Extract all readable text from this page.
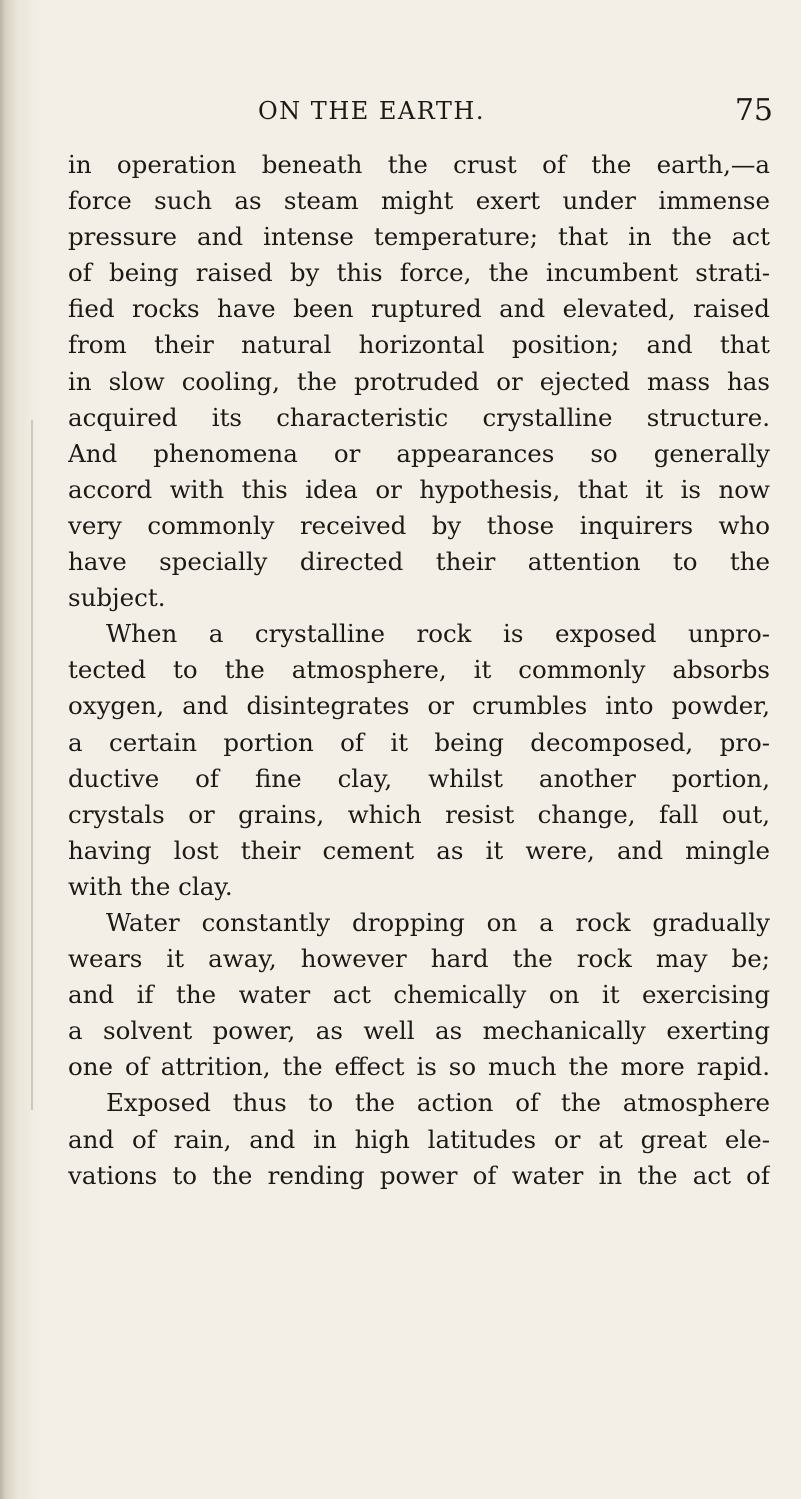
ON THE EARTH.	75
in operation beneath the crust of the earth,—a
force such as steam might exert under immense
pressure and intense temperature; that in the act
of being raised by this force, the incumbent strati-
fied rocks have been ruptured and elevated, raised
from their natural horizontal position; and that
in slow cooling, the protruded or ejected mass has
acquired its characteristic crystalline structure.
And phenomena or appearances so generally
accord with this idea or hypothesis, that it is now
very commonly received by those inquirers who
have specially directed their attention to the
subject.
When a crystalline rock is exposed unpro-
tected to the atmosphere, it commonly absorbs
oxygen, and disintegrates or crumbles into powder,
a certain portion of it being decomposed, pro-
ductive of fine clay, whilst another portion,
crystals or grains, which resist change, fall out,
having lost their cement as it were, and mingle
with the clay.
Water constantly dropping on a rock gradually
wears it away, however hard the rock may be;
and if the water act chemically on it exercising
a solvent power, as well as mechanically exerting
one of attrition, the effect is so much the more rapid.
Exposed thus to the action of the atmosphere
and of rain, and in high latitudes or at great ele-
vations to the rending power of water in the act of
